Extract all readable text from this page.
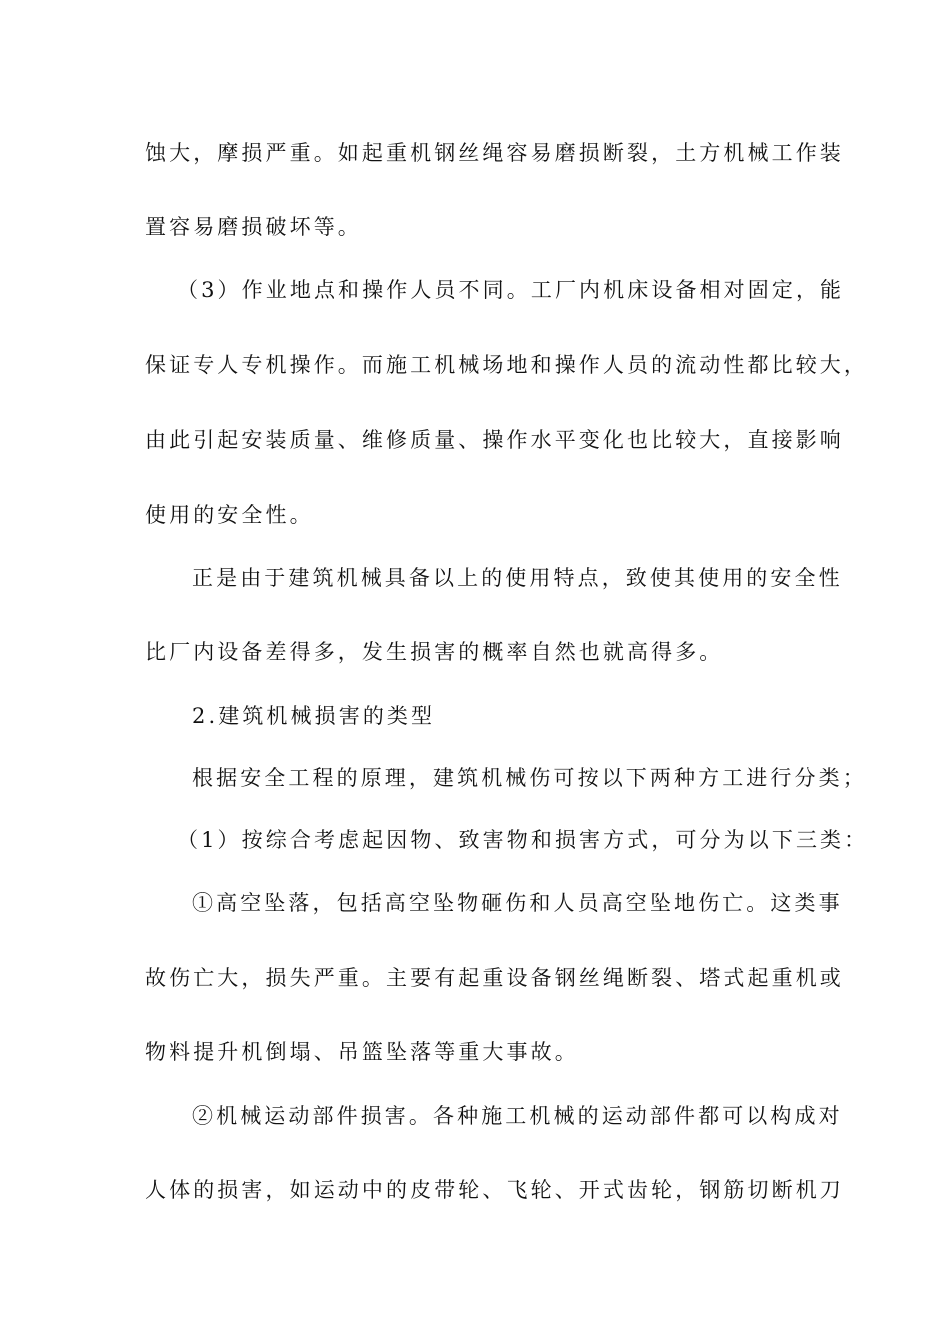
蚀大，摩损严重。如起重机钢丝绳容易磨损断裂，土方机械工作装
置容易磨损破坏等。
（3）作业地点和操作人员不同。工厂内机床设备相对固定，能
保证专人专机操作。而施工机械场地和操作人员的流动性都比较大，
由此引起安装质量、维修质量、操作水平变化也比较大，直接影响
使用的安全性。
正是由于建筑机械具备以上的使用特点，致使其使用的安全性
比厂内设备差得多，发生损害的概率自然也就高得多。
2.建筑机械损害的类型
根据安全工程的原理，建筑机械伤可按以下两种方工进行分类；
（1）按综合考虑起因物、致害物和损害方式，可分为以下三类：
①高空坠落，包括高空坠物砸伤和人员高空坠地伤亡。这类事
故伤亡大，损失严重。主要有起重设备钢丝绳断裂、塔式起重机或
物料提升机倒塌、吊篮坠落等重大事故。
②机械运动部件损害。各种施工机械的运动部件都可以构成对
人体的损害，如运动中的皮带轮、飞轮、开式齿轮，钢筋切断机刀
